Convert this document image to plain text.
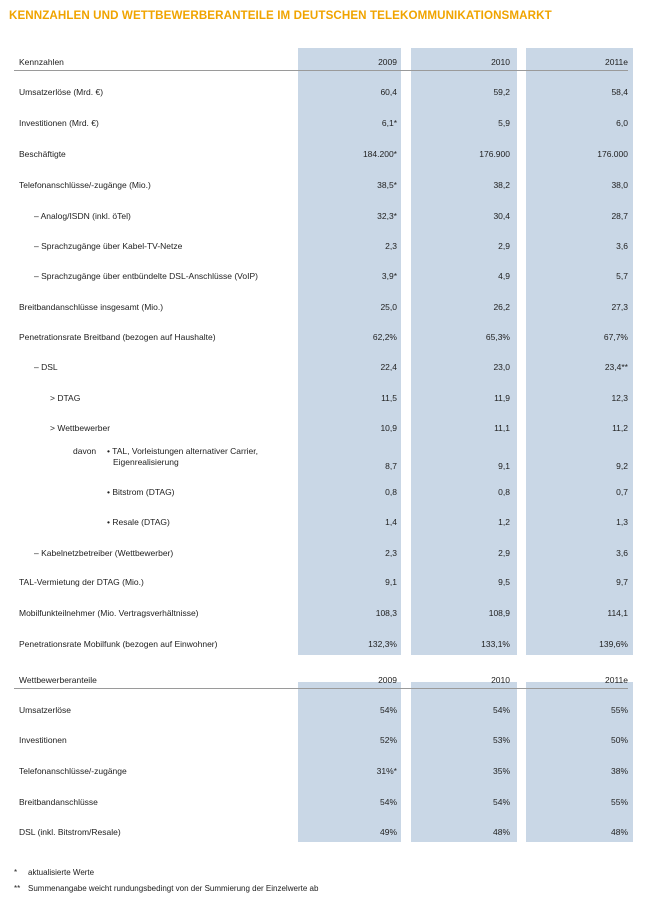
KENNZAHLEN UND WETTBEWERBERANTEILE IM DEUTSCHEN TELEKOMMUNIKATIONSMARKT
Kennzahlen	2009	2010	2011e
Umsatzerlöse (Mrd. €)	60,4	59,2	58,4
Investitionen (Mrd. €)	6,1*	5,9	6,0
Beschäftigte	184.200*	176.900	176.000
Telefonanschlüsse/-zugänge (Mio.)	38,5*	38,2	38,0
– Analog/ISDN (inkl. öTel)	32,3*	30,4	28,7
– Sprachzugänge über Kabel-TV-Netze	2,3	2,9	3,6
– Sprachzugänge über entbündelte DSL-Anschlüsse (VoIP)	3,9*	4,9	5,7
Breitbandanschlüsse insgesamt (Mio.)	25,0	26,2	27,3
Penetrationsrate Breitband (bezogen auf Haushalte)	62,2%	65,3%	67,7%
– DSL	22,4	23,0	23,4**
> DTAG	11,5	11,9	12,3
> Wettbewerber	10,9	11,1	11,2
davon • TAL, Vorleistungen alternativer Carrier,
Eigenrealisierung	8,7	9,1	9,2
• Bitstrom (DTAG)	0,8	0,8	0,7
• Resale (DTAG)	1,4	1,2	1,3
– Kabelnetzbetreiber (Wettbewerber)	2,3	2,9	3,6
TAL-Vermietung der DTAG (Mio.)	9,1	9,5	9,7
Mobilfunkteilnehmer (Mio. Vertragsverhältnisse)	108,3	108,9	114,1
Penetrationsrate Mobilfunk (bezogen auf Einwohner)	132,3%	133,1%	139,6%
Wettbewerberanteile	2009	2010	2011e
Umsatzerlöse	54%	54%	55%
Investitionen	52%	53%	50%
Telefonanschlüsse/-zugänge	31%*	35%	38%
Breitbandanschlüsse	54%	54%	55%
DSL (inkl. Bitstrom/Resale)	49%	48%	48%
* aktualisierte Werte
** Summenangabe weicht rundungsbedingt von der Summierung der Einzelwerte ab
